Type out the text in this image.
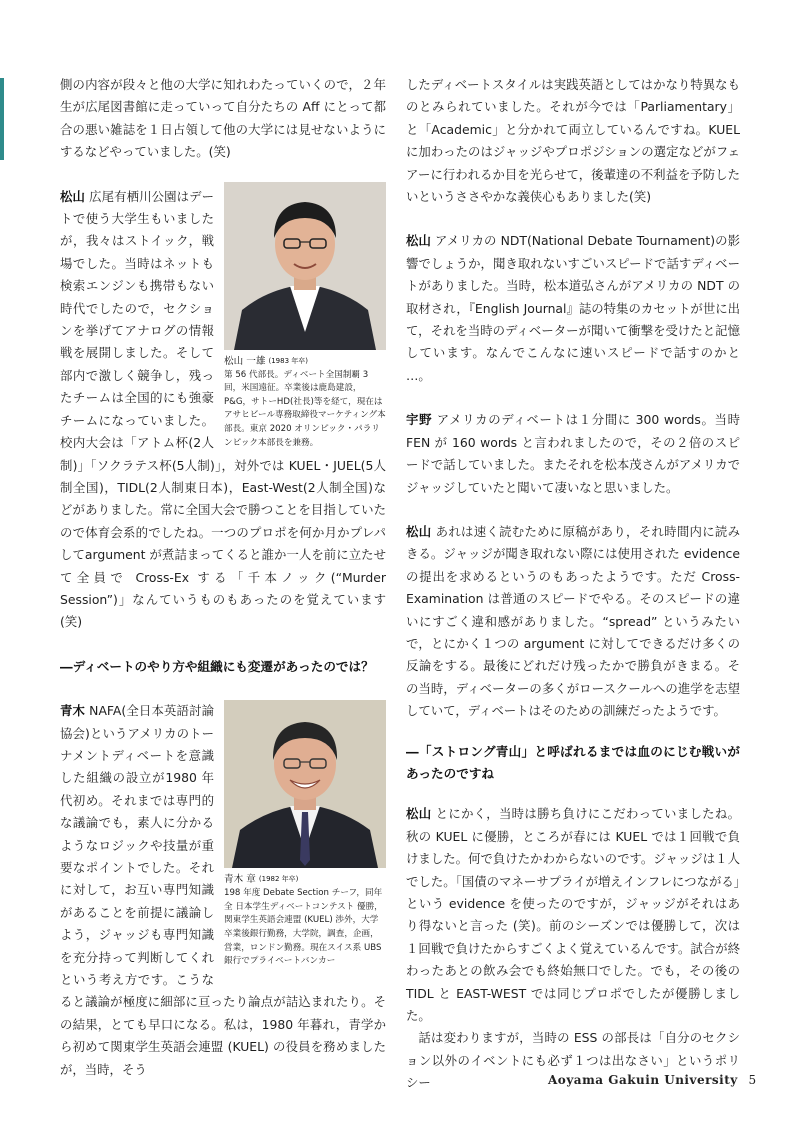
側の内容が段々と他の大学に知れわたっていくので，２年生が広尾図書館に走っていって自分たちの Aff にとって都合の悪い雑誌を１日占領して他の大学には見せないようにするなどやっていました。(笑)

松山 一雄 (1983 年卒)
第 56 代部長。ディベート全国制覇 3 回，米国遠征。卒業後は鹿島建設，P&G，サトーHD(社長)等を経て，現在はアサヒビール専務取締役マーケティング本部長。東京 2020 オリンピック・パラリンピック本部長を兼務。

松山 広尾有栖川公園はデートで使う大学生もいましたが，我々はストイック，戦場でした。当時はネットも検索エンジンも携帯もない時代でしたので，セクションを挙げてアナログの情報戦を展開しました。そして部内で激しく競争し，残ったチームは全国的にも強豪チームになっていました。校内大会は「アトム杯(2人制)」「ソクラテス杯(5人制)」，対外では KUEL・JUEL(5人制全国)，TIDL(2人制東日本)，East-West(2人制全国)などがありました。常に全国大会で勝つことを目指していたので体育会系的でしたね。一つのプロポを何か月かプレパしてargument が煮詰まってくると誰か一人を前に立たせて全員で Cross-Ex する「千本ノック(“Murder Session”)」なんていうものもあったのを覚えています(笑)

―ディベートのやり方や組織にも変遷があったのでは？

青木 章 (1982 年卒)
198 年度 Debate Section チーフ，同年全 日本学生ディベートコンテスト 優勝，関東学生英語会連盟 (KUEL) 渉外，大学卒業後銀行勤務，大学院，調査，企画，営業，ロンドン勤務。現在スイス系 UBS 銀行でプライベートバンカー

青木 NAFA(全日本英語討論協会)というアメリカのトーナメントディベートを意識した組織の設立が1980 年代初め。それまでは専門的な議論でも，素人に分かるようなロジックや技量が重要なポイントでした。それに対して，お互い専門知識があることを前提に議論しよう，ジャッジも専門知識を充分持って判断してくれという考え方です。こうなると議論が極度に細部に亘ったり論点が詰込まれたり。その結果，とても早口になる。私は，1980 年暮れ，青学から初めて関東学生英語会連盟 (KUEL) の役員を務めましたが，当時，そう

したディベートスタイルは実践英語としてはかなり特異なものとみられていました。それが今では「Parliamentary」と「Academic」と分かれて両立しているんですね。KUEL に加わったのはジャッジやプロポジションの選定などがフェアーに行われるか目を光らせて，後輩達の不利益を予防したいというささやかな義侠心もありました(笑)

松山 アメリカの NDT(National Debate Tournament)の影響でしょうか，聞き取れないすごいスピードで話すディベートがありました。当時，松本道弘さんがアメリカの NDT の取材され，『English Journal』誌の特集のカセットが世に出て，それを当時のディベーターが聞いて衝撃を受けたと記憶しています。なんでこんなに速いスピードで話すのかと …。

宇野 アメリカのディベートは１分間に 300 words。当時 FEN が 160 words と言われましたので，その２倍のスピードで話していました。またそれを松本茂さんがアメリカでジャッジしていたと聞いて凄いなと思いました。

松山 あれは速く読むために原稿があり，それ時間内に読みきる。ジャッジが聞き取れない際には使用された evidence の提出を求めるというのもあったようです。ただ Cross-Examination は普通のスピードでやる。そのスピードの違いにすごく違和感がありました。“spread” というみたいで，とにかく１つの argument に対してできるだけ多くの反論をする。最後にどれだけ残ったかで勝負がきまる。その当時，ディベーターの多くがロースクールへの進学を志望していて，ディベートはそのための訓練だったようです。

―「ストロング青山」と呼ばれるまでは血のにじむ戦いがあったのですね

松山 とにかく，当時は勝ち負けにこだわっていましたね。秋の KUEL に優勝，ところが春には KUEL では１回戦で負けました。何で負けたかわからないのです。ジャッジは１人でした。「国債のマネーサプライが増えインフレにつながる」という evidence を使ったのですが，ジャッジがそれはあり得ないと言った (笑)。前のシーズンでは優勝して，次は１回戦で負けたからすごくよく覚えているんです。試合が終わったあとの飲み会でも終始無口でした。でも，その後の TIDL と EAST-WEST では同じプロポでしたが優勝しました。

話は変わりますが，当時の ESS の部長は「自分のセクション以外のイベントにも必ず１つは出なさい」というポリシー	Aoyama Gakuin University 5
